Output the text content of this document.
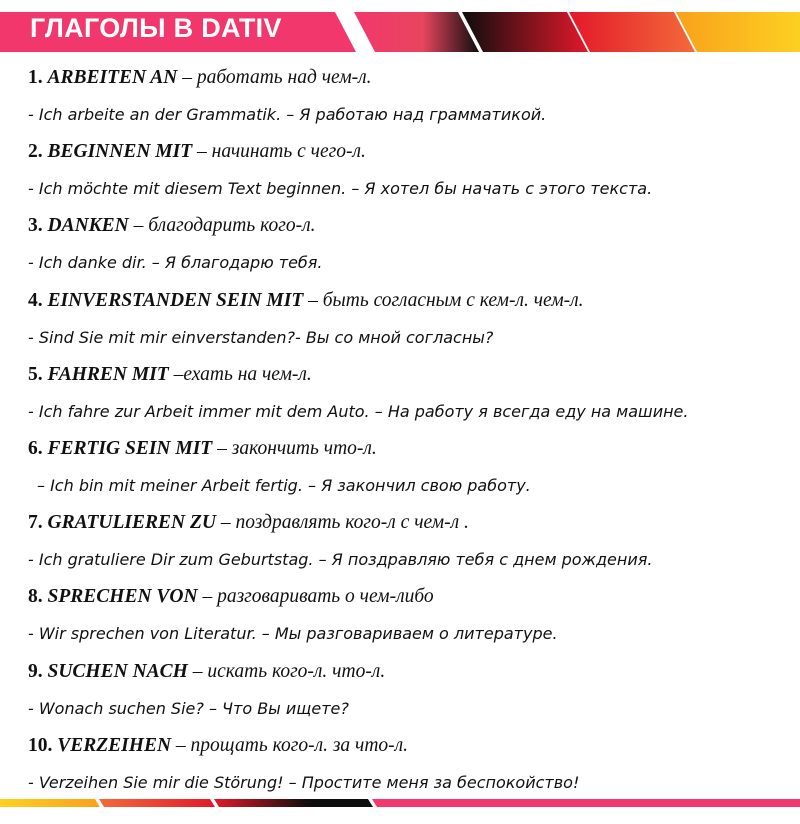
ГЛАГОЛЫ В DATIV
1. ARBEITEN AN – работать над чем-л.
- Ich arbeite an der Grammatik. – Я работаю над грамматикой.
2. BEGINNEN MIT – начинать с чего-л.
- Ich möchte mit diesem Text beginnen. – Я хотел бы начать с этого текста.
3. DANKEN – благодарить кого-л.
- Ich danke dir. – Я благодарю тебя.
4. EINVERSTANDEN SEIN MIT – быть согласным с кем-л. чем-л.
- Sind Sie mit mir einverstanden?- Вы со мной согласны?
5. FAHREN MIT –ехать на чем-л.
- Ich fahre zur Arbeit immer mit dem Auto. – На работу я всегда еду на машине.
6. FERTIG SEIN MIT – закончить что-л.
– Ich bin mit meiner Arbeit fertig. – Я закончил свою работу.
7. GRATULIEREN ZU – поздравлять кого-л с чем-л .
- Ich gratuliere Dir zum Geburtstag. – Я поздравляю тебя с днем рождения.
8. SPRECHEN VON – разговаривать о чем-либо
- Wir sprechen von Literatur. – Мы разговариваем о литературе.
9. SUCHEN NACH – искать кого-л. что-л.
- Wonach suchen Sie? – Что Вы ищете?
10. VERZEIHEN – прощать кого-л. за что-л.
- Verzeihen Sie mir die Störung! – Простите меня за беспокойство!
